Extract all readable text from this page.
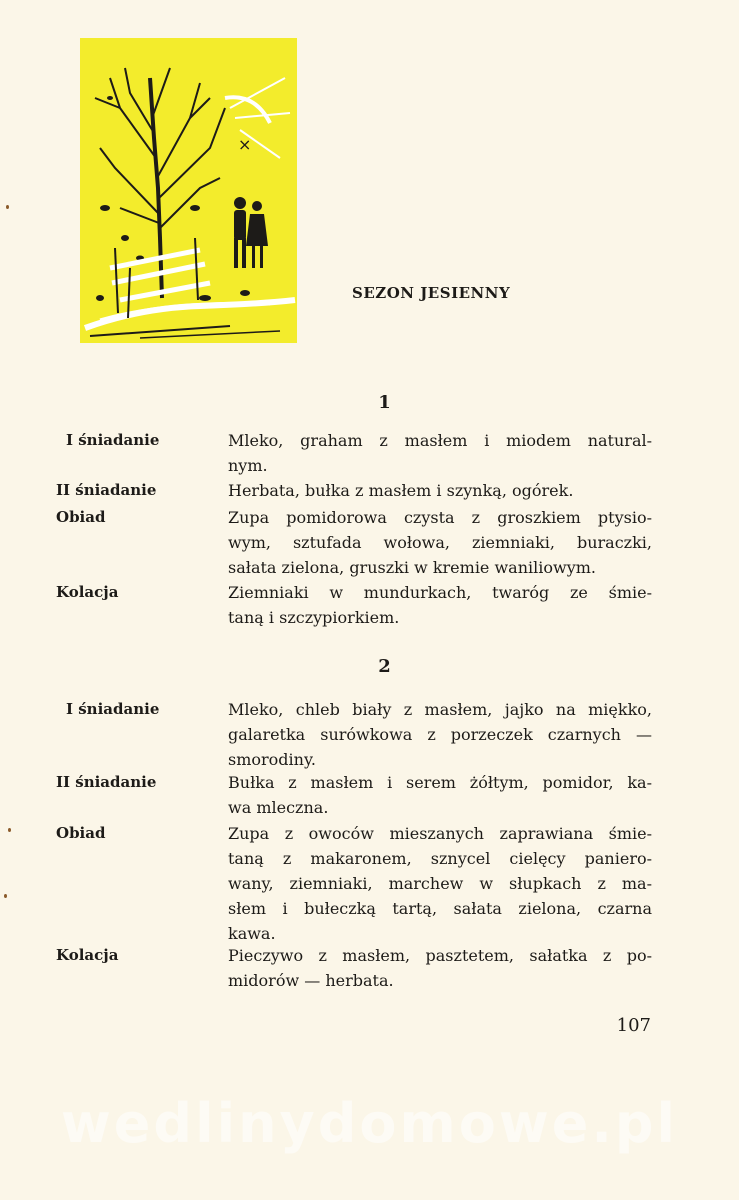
×
SEZON JESIENNY
1
I śniadanie	Mleko, graham z masłem i miodem natural-
nym.
II śniadanie	Herbata, bułka z masłem i szynką, ogórek.
Obiad	Zupa pomidorowa czysta z groszkiem ptysio-
wym, sztufada wołowa, ziemniaki, buraczki,
sałata zielona, gruszki w kremie waniliowym.
Kolacja	Ziemniaki w mundurkach, twaróg ze śmie-
taną i szczypiorkiem.
2
I śniadanie	Mleko, chleb biały z masłem, jajko na miękko,
galaretka surówkowa z porzeczek czarnych —
smorodiny.
II śniadanie	Bułka z masłem i serem żółtym, pomidor, ka-
wa mleczna.
Obiad	Zupa z owoców mieszanych zaprawiana śmie-
taną z makaronem, sznycel cielęcy paniero-
wany, ziemniaki, marchew w słupkach z ma-
słem i bułeczką tartą, sałata zielona, czarna
kawa.
Kolacja	Pieczywo z masłem, pasztetem, sałatka z po-
midorów — herbata.
107
wedlinydomowe.pl
